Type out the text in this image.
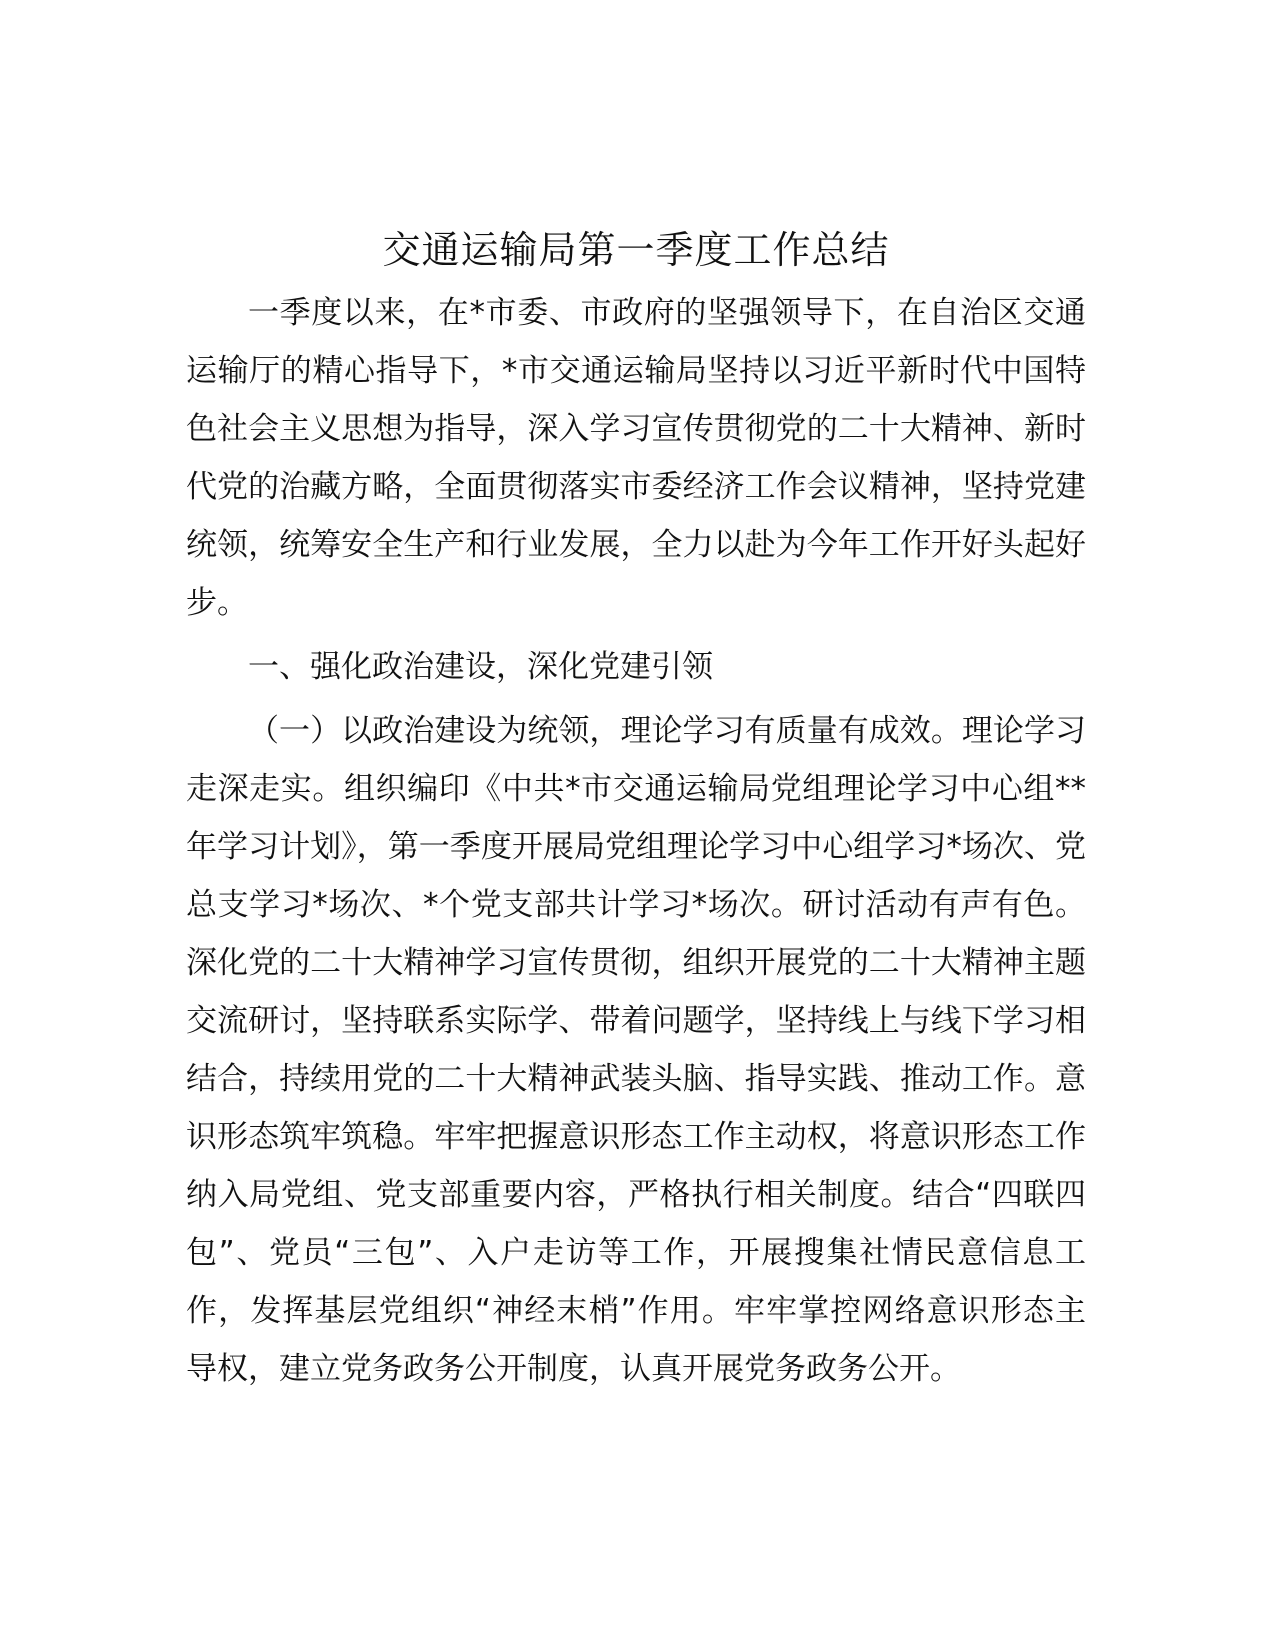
交通运输局第一季度工作总结

一季度以来，在*市委、市政府的坚强领导下，在自治区交通运输厅的精心指导下，*市交通运输局坚持以习近平新时代中国特色社会主义思想为指导，深入学习宣传贯彻党的二十大精神、新时代党的治藏方略，全面贯彻落实市委经济工作会议精神，坚持党建统领，统筹安全生产和行业发展，全力以赴为今年工作开好头起好步。

一、强化政治建设，深化党建引领

（一）以政治建设为统领，理论学习有质量有成效。理论学习走深走实。组织编印《中共*市交通运输局党组理论学习中心组**年学习计划》，第一季度开展局党组理论学习中心组学习*场次、党总支学习*场次、*个党支部共计学习*场次。研讨活动有声有色。深化党的二十大精神学习宣传贯彻，组织开展党的二十大精神主题交流研讨，坚持联系实际学、带着问题学，坚持线上与线下学习相结合，持续用党的二十大精神武装头脑、指导实践、推动工作。意识形态筑牢筑稳。牢牢把握意识形态工作主动权，将意识形态工作纳入局党组、党支部重要内容，严格执行相关制度。结合“四联四包”、党员“三包”、入户走访等工作，开展搜集社情民意信息工作，发挥基层党组织“神经末梢”作用。牢牢掌控网络意识形态主导权，建立党务政务公开制度，认真开展党务政务公开。
